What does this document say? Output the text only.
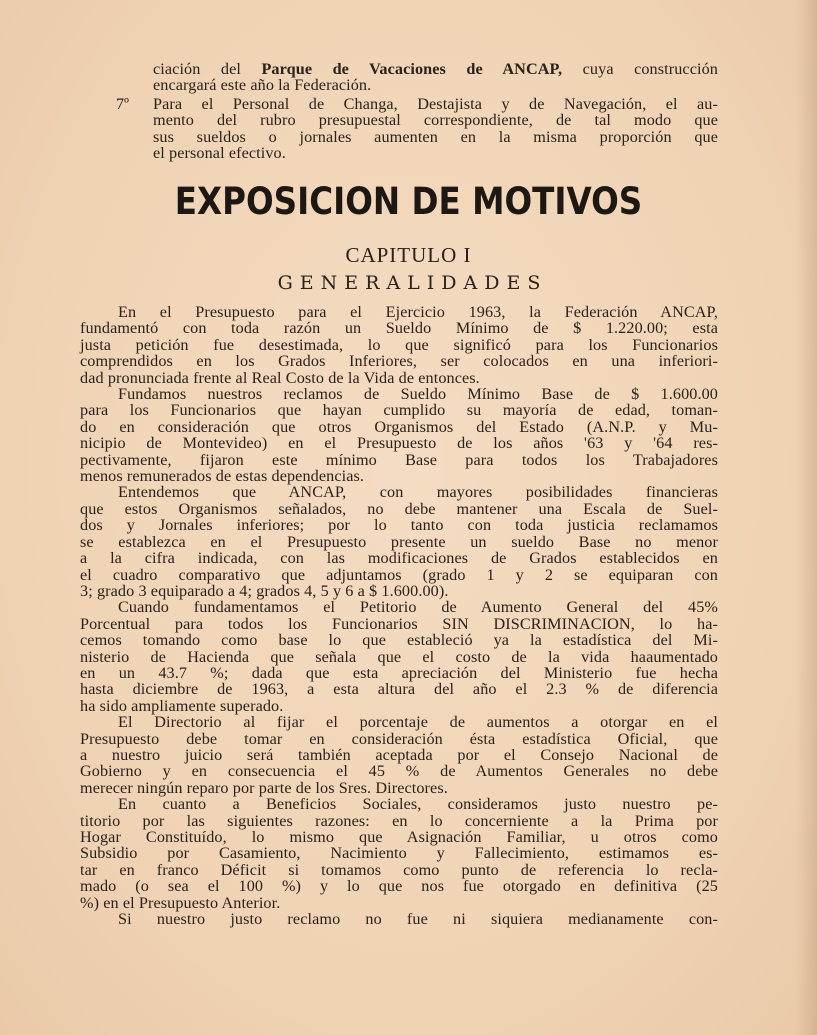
ciación del Parque de Vacaciones de ANCAP, cuya construcción
encargará este año la Federación.
7º Para el Personal de Changa, Destajista y de Navegación, el au-
mento del rubro presupuestal correspondiente, de tal modo que
sus sueldos o jornales aumenten en la misma proporción que
el personal efectivo.
EXPOSICION DE MOTIVOS
CAPITULO I
GENERALIDADES
En el Presupuesto para el Ejercicio 1963, la Federación ANCAP,
fundamentó con toda razón un Sueldo Mínimo de $ 1.220.00; esta
justa petición fue desestimada, lo que significó para los Funcionarios
comprendidos en los Grados Inferiores, ser colocados en una inferiori-
dad pronunciada frente al Real Costo de la Vida de entonces.
Fundamos nuestros reclamos de Sueldo Mínimo Base de $ 1.600.00
para los Funcionarios que hayan cumplido su mayoría de edad, toman-
do en consideración que otros Organismos del Estado (A.N.P. y Mu-
nicipio de Montevideo) en el Presupuesto de los años '63 y '64 res-
pectivamente, fijaron este mínimo Base para todos los Trabajadores
menos remunerados de estas dependencias.
Entendemos que ANCAP, con mayores posibilidades financieras
que estos Organismos señalados, no debe mantener una Escala de Suel-
dos y Jornales inferiores; por lo tanto con toda justicia reclamamos
se establezca en el Presupuesto presente un sueldo Base no menor
a la cifra indicada, con las modificaciones de Grados establecidos en
el cuadro comparativo que adjuntamos (grado 1 y 2 se equiparan con
3; grado 3 equiparado a 4; grados 4, 5 y 6 a $ 1.600.00).
Cuando fundamentamos el Petitorio de Aumento General del 45%
Porcentual para todos los Funcionarios SIN DISCRIMINACION, lo ha-
cemos tomando como base lo que estableció ya la estadística del Mi-
nisterio de Hacienda que señala que el costo de la vida haaumentado
en un 43.7 %; dada que esta apreciación del Ministerio fue hecha
hasta diciembre de 1963, a esta altura del año el 2.3 % de diferencia
ha sido ampliamente superado.
El Directorio al fijar el porcentaje de aumentos a otorgar en el
Presupuesto debe tomar en consideración ésta estadística Oficial, que
a nuestro juicio será también aceptada por el Consejo Nacional de
Gobierno y en consecuencia el 45 % de Aumentos Generales no debe
merecer ningún reparo por parte de los Sres. Directores.
En cuanto a Beneficios Sociales, consideramos justo nuestro pe-
titorio por las siguientes razones: en lo concerniente a la Prima por
Hogar Constituído, lo mismo que Asignación Familiar, u otros como
Subsidio por Casamiento, Nacimiento y Fallecimiento, estimamos es-
tar en franco Déficit si tomamos como punto de referencia lo recla-
mado (o sea el 100 %) y lo que nos fue otorgado en definitiva (25
%) en el Presupuesto Anterior.
Si nuestro justo reclamo no fue ni siquiera medianamente con-
